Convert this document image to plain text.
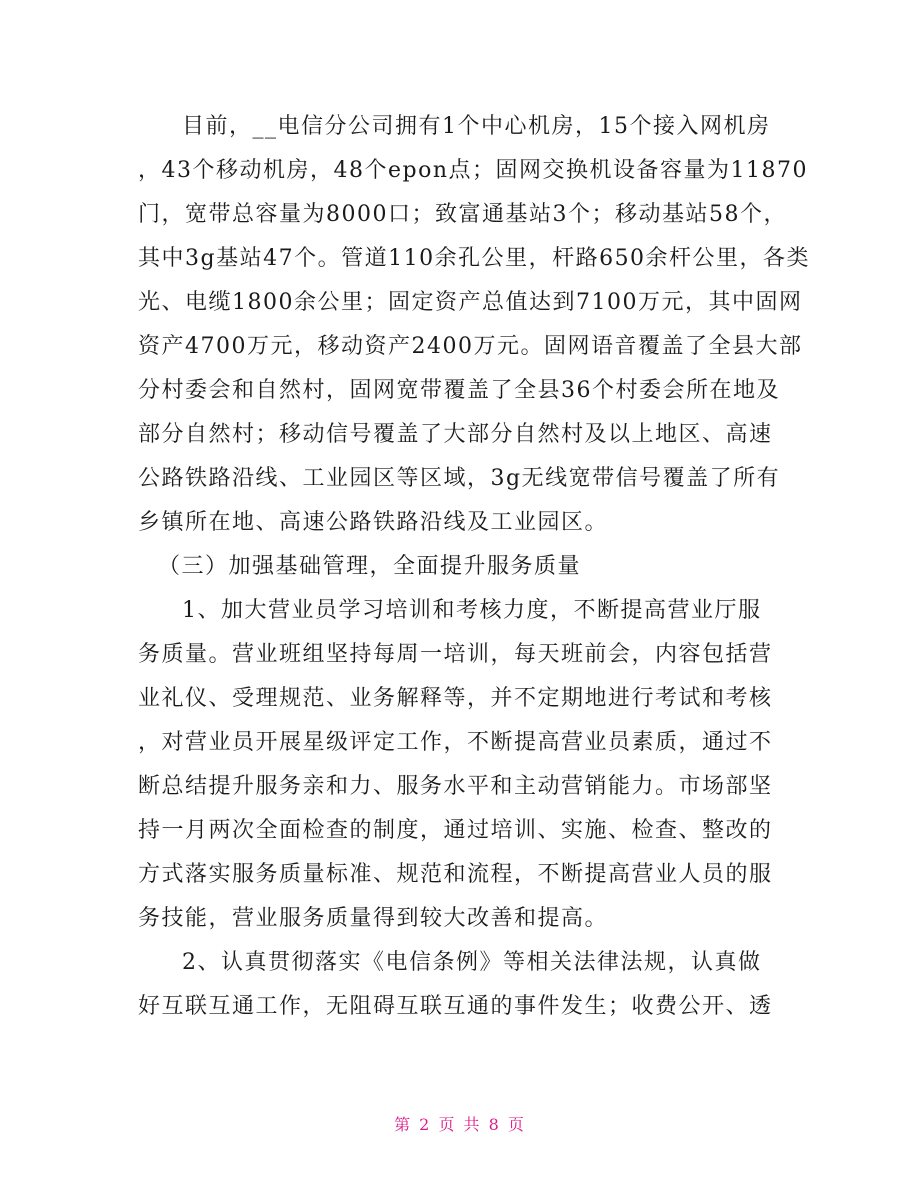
目前，__电信分公司拥有1个中心机房，15个接入网机房
，43个移动机房，48个epon点；固网交换机设备容量为11870
门，宽带总容量为8000口；致富通基站3个；移动基站58个，
其中3g基站47个。管道110余孔公里，杆路650余杆公里，各类
光、电缆1800余公里；固定资产总值达到7100万元，其中固网
资产4700万元，移动资产2400万元。固网语音覆盖了全县大部
分村委会和自然村，固网宽带覆盖了全县36个村委会所在地及
部分自然村；移动信号覆盖了大部分自然村及以上地区、高速
公路铁路沿线、工业园区等区域，3g无线宽带信号覆盖了所有
乡镇所在地、高速公路铁路沿线及工业园区。
（三）加强基础管理，全面提升服务质量
1、加大营业员学习培训和考核力度，不断提高营业厅服
务质量。营业班组坚持每周一培训，每天班前会，内容包括营
业礼仪、受理规范、业务解释等，并不定期地进行考试和考核
，对营业员开展星级评定工作，不断提高营业员素质，通过不
断总结提升服务亲和力、服务水平和主动营销能力。市场部坚
持一月两次全面检查的制度，通过培训、实施、检查、整改的
方式落实服务质量标准、规范和流程，不断提高营业人员的服
务技能，营业服务质量得到较大改善和提高。
2、认真贯彻落实《电信条例》等相关法律法规，认真做
好互联互通工作，无阻碍互联互通的事件发生；收费公开、透
第 2 页 共 8 页
